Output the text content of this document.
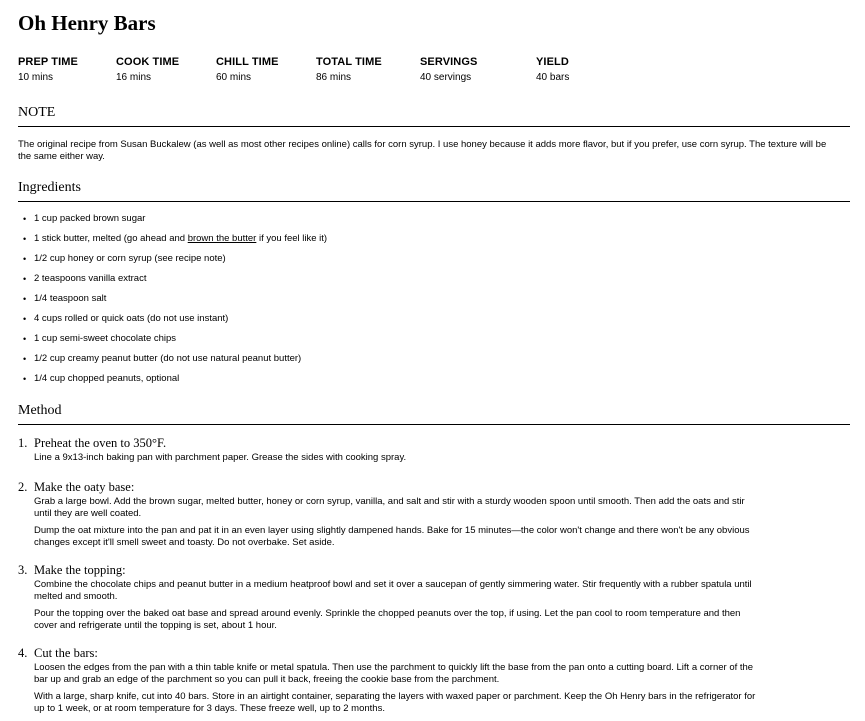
Oh Henry Bars
PREP TIME
10 mins
COOK TIME
16 mins
CHILL TIME
60 mins
TOTAL TIME
86 mins
SERVINGS
40 servings
YIELD
40 bars
NOTE
The original recipe from Susan Buckalew (as well as most other recipes online) calls for corn syrup. I use honey because it adds more flavor, but if you prefer, use corn syrup. The texture will be the same either way.
Ingredients
• 1 cup packed brown sugar
• 1 stick butter, melted (go ahead and brown the butter if you feel like it)
• 1/2 cup honey or corn syrup (see recipe note)
• 2 teaspoons vanilla extract
• 1/4 teaspoon salt
• 4 cups rolled or quick oats (do not use instant)
• 1 cup semi-sweet chocolate chips
• 1/2 cup creamy peanut butter (do not use natural peanut butter)
• 1/4 cup chopped peanuts, optional
Method
1. Preheat the oven to 350°F.

Line a 9x13-inch baking pan with parchment paper. Grease the sides with cooking spray.

2. Make the oaty base:

Grab a large bowl. Add the brown sugar, melted butter, honey or corn syrup, vanilla, and salt and stir with a sturdy wooden spoon until smooth. Then add the oats and stir until they are well coated.

Dump the oat mixture into the pan and pat it in an even layer using slightly dampened hands. Bake for 15 minutes—the color won't change and there won't be any obvious changes except it'll smell sweet and toasty. Do not overbake. Set aside.

3. Make the topping:

Combine the chocolate chips and peanut butter in a medium heatproof bowl and set it over a saucepan of gently simmering water. Stir frequently with a rubber spatula until melted and smooth.

Pour the topping over the baked oat base and spread around evenly. Sprinkle the chopped peanuts over the top, if using. Let the pan cool to room temperature and then cover and refrigerate until the topping is set, about 1 hour.

4. Cut the bars:

Loosen the edges from the pan with a thin table knife or metal spatula. Then use the parchment to quickly lift the base from the pan onto a cutting board. Lift a corner of the bar up and grab an edge of the parchment so you can pull it back, freeing the cookie base from the parchment.

With a large, sharp knife, cut into 40 bars. Store in an airtight container, separating the layers with waxed paper or parchment. Keep the Oh Henry bars in the refrigerator for up to 1 week, or at room temperature for 3 days. These freeze well, up to 2 months.
